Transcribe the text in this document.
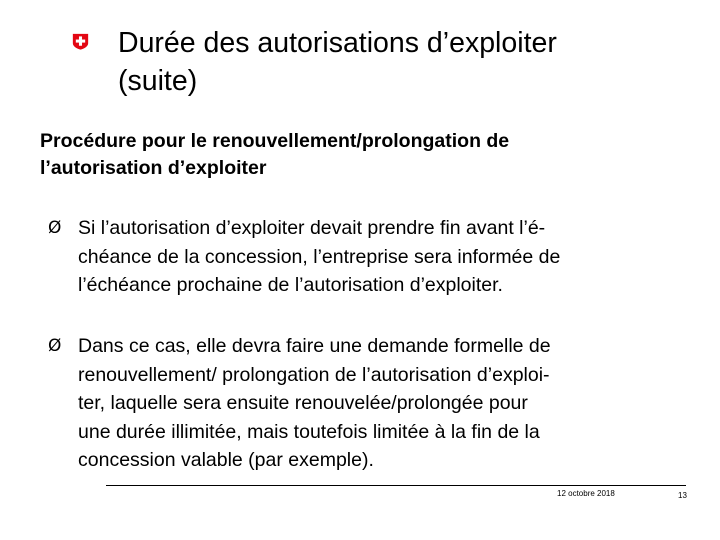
Durée des autorisations d’exploiter
(suite)

Procédure pour le renouvellement/prolongation de
l’autorisation d’exploiter

Ø Si l’autorisation d’exploiter devait prendre fin avant l’é-
chéance de la concession, l’entreprise sera informée de
l’échéance prochaine de l’autorisation d’exploiter.
Ø Dans ce cas, elle devra faire une demande formelle de
renouvellement/ prolongation de l’autorisation d’exploi-
ter, laquelle sera ensuite renouvelée/prolongée pour
une durée illimitée, mais toutefois limitée à la fin de la
concession valable (par exemple).
12 octobre 2018	13
